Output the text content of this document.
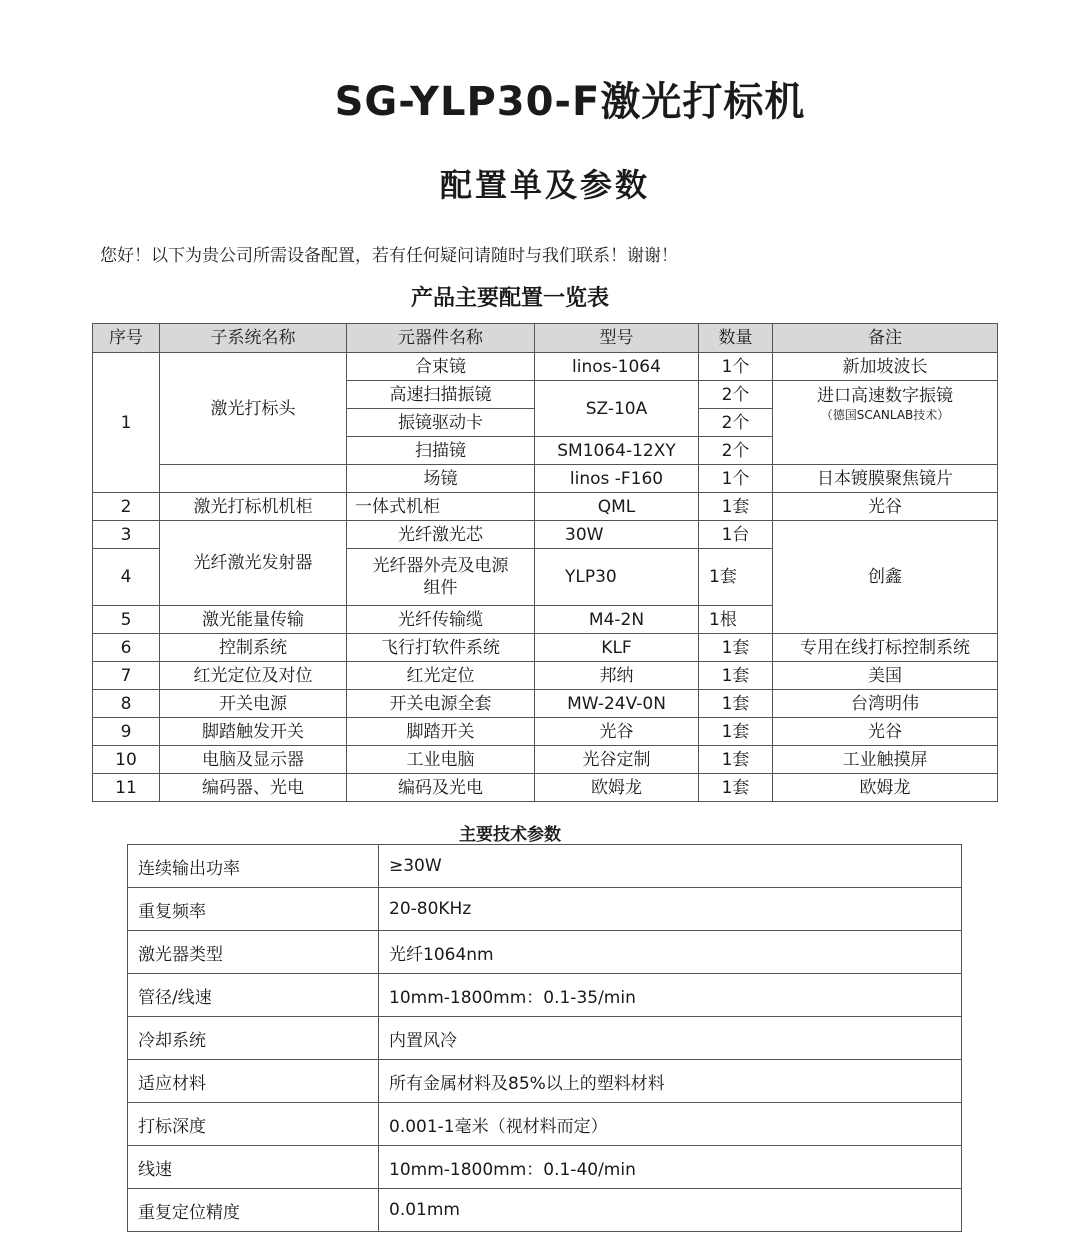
SG-YLP30-F激光打标机
配置单及参数
您好！以下为贵公司所需设备配置，若有任何疑问请随时与我们联系！谢谢！
产品主要配置一览表
序号	子系统名称	元器件名称	型号	数量	备注
1	激光打标头	合束镜	linos-1064	1个	新加坡波长
		高速扫描振镜	SZ-10A	2个	进口高速数字振镜
（德国SCANLAB技术）

		振镜驱动卡		2个	
		扫描镜	SM1064-12XY	2个	
		场镜	linos -F160	1个	日本镀膜聚焦镜片
2	激光打标机机柜	一体式机柜	QML	1套	光谷
3	光纤激光发射器	光纤激光芯	30W	1台	创鑫
4		光纤器外壳及电源
组件	YLP30	1套	
5	激光能量传输	光纤传输缆	M4-2N	1根	
6	控制系统	飞行打软件系统	KLF	1套	专用在线打标控制系统
7	红光定位及对位	红光定位	邦纳	1套	美国
8	开关电源	开关电源全套	MW-24V-0N	1套	台湾明伟
9	脚踏触发开关	脚踏开关	光谷	1套	光谷
10	电脑及显示器	工业电脑	光谷定制	1套	工业触摸屏
11	编码器、光电	编码及光电	欧姆龙	1套	欧姆龙
主要技术参数
连续输出功率	≥30W
重复频率	20-80KHz
激光器类型	光纤1064nm
管径/线速	10mm-1800mm：0.1-35/min
冷却系统	内置风冷
适应材料	所有金属材料及85%以上的塑料材料
打标深度	0.001-1毫米（视材料而定）
线速	10mm-1800mm：0.1-40/min
重复定位精度	0.01mm
